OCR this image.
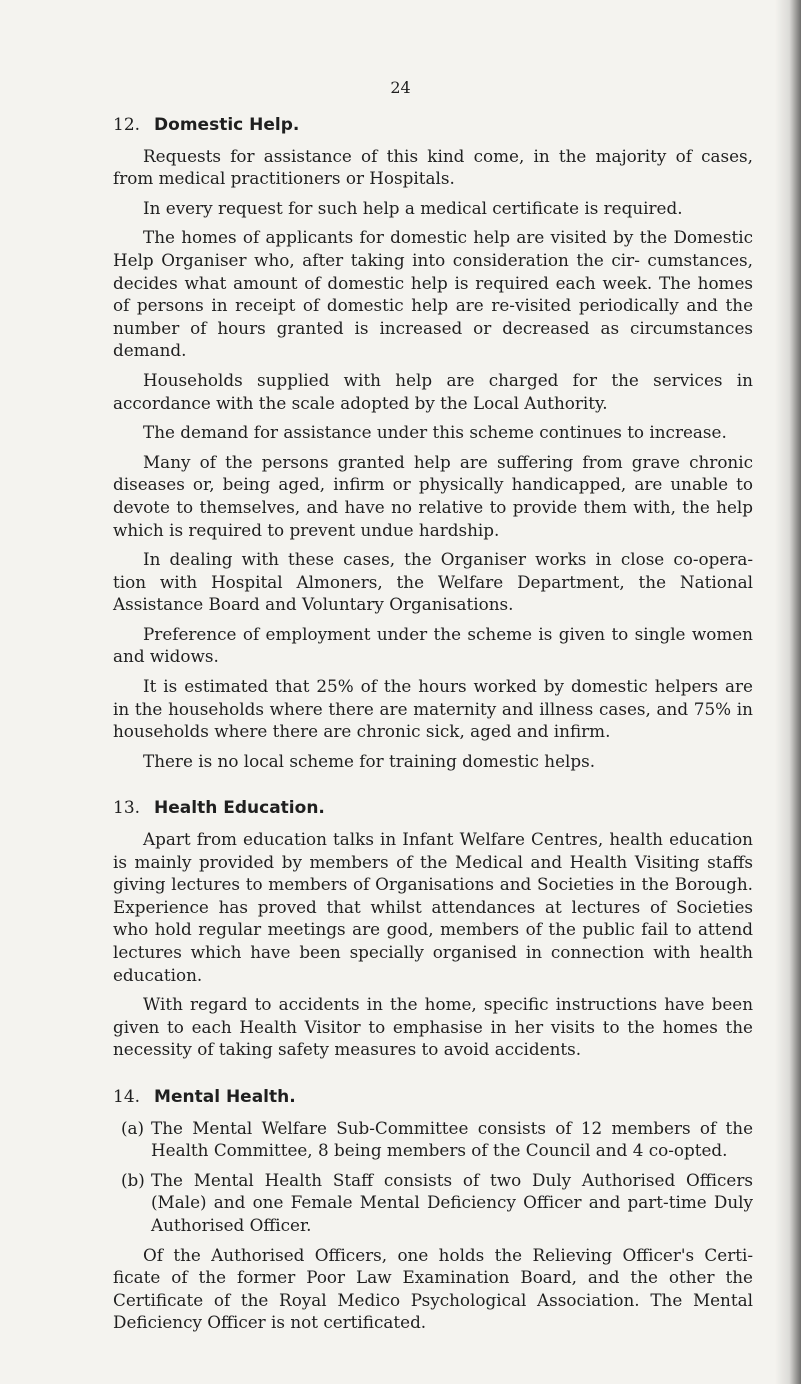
24
12. Domestic Help.

Requests for assistance of this kind come, in the majority of cases, from medical practitioners or Hospitals.

In every request for such help a medical certificate is required.

The homes of applicants for domestic help are visited by the Domestic Help Organiser who, after taking into consideration the cir- cumstances, decides what amount of domestic help is required each week. The homes of persons in receipt of domestic help are re-visited periodically and the number of hours granted is increased or decreased as circumstances demand.

Households supplied with help are charged for the services in accordance with the scale adopted by the Local Authority.

The demand for assistance under this scheme continues to increase.

Many of the persons granted help are suffering from grave chronic diseases or, being aged, infirm or physically handicapped, are unable to devote to themselves, and have no relative to provide them with, the help which is required to prevent undue hardship.

In dealing with these cases, the Organiser works in close co-opera- tion with Hospital Almoners, the Welfare Department, the National Assistance Board and Voluntary Organisations.

Preference of employment under the scheme is given to single women and widows.

It is estimated that 25% of the hours worked by domestic helpers are in the households where there are maternity and illness cases, and 75% in households where there are chronic sick, aged and infirm.

There is no local scheme for training domestic helps.

13. Health Education.

Apart from education talks in Infant Welfare Centres, health education is mainly provided by members of the Medical and Health Visiting staffs giving lectures to members of Organisations and Societies in the Borough. Experience has proved that whilst attendances at lectures of Societies who hold regular meetings are good, members of the public fail to attend lectures which have been specially organised in connection with health education.

With regard to accidents in the home, specific instructions have been given to each Health Visitor to emphasise in her visits to the homes the necessity of taking safety measures to avoid accidents.

14. Mental Health.
(a) The Mental Welfare Sub-Committee consists of 12 members of the Health Committee, 8 being members of the Council and 4 co-opted.
(b) The Mental Health Staff consists of two Duly Authorised Officers (Male) and one Female Mental Deficiency Officer and part-time Duly Authorised Officer.

Of the Authorised Officers, one holds the Relieving Officer's Certi- ficate of the former Poor Law Examination Board, and the other the Certificate of the Royal Medico Psychological Association. The Mental Deficiency Officer is not certificated.
